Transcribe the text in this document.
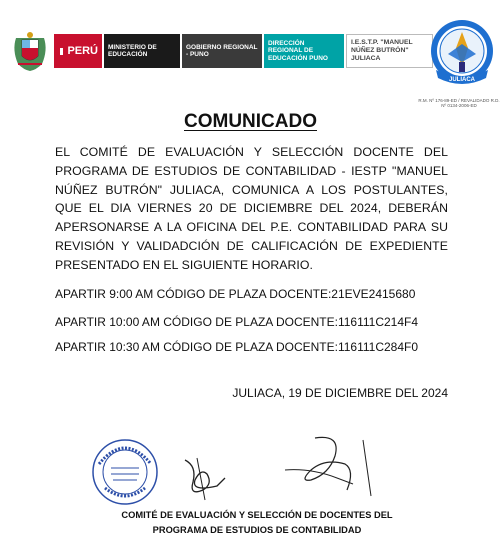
PERÚ MINISTERIO DE EDUCACIÓN
GOBIERNO REGIONAL - PUNO
DIRECCIÓN REGIONAL DE EDUCACIÓN PUNO
I.E.S.T.P. "MANUEL NÚÑEZ BUTRÓN" JULIACA
JULIACA
R.M. Nº 176-89-ED / REVALIDADO R.D. Nº 0134-2006-ED
COMUNICADO
EL COMITÉ DE EVALUACIÓN Y SELECCIÓN DOCENTE DEL PROGRAMA DE ESTUDIOS DE CONTABILIDAD - IESTP "MANUEL NÚÑEZ BUTRÓN" JULIACA, COMUNICA A LOS POSTULANTES, QUE EL DIA VIERNES 20 DE DICIEMBRE DEL 2024, DEBERÁN APERSONARSE A LA OFICINA DEL P.E. CONTABILIDAD PARA SU REVISIÓN Y VALIDADCIÓN DE CALIFICACIÓN DE EXPEDIENTE PRESENTADO EN EL SIGUIENTE HORARIO.
APARTIR 9:00 AM CÓDIGO DE PLAZA DOCENTE:21EVE2415680
APARTIR 10:00 AM CÓDIGO DE PLAZA DOCENTE:116111C214F4
APARTIR 10:30 AM CÓDIGO DE PLAZA DOCENTE:116111C284F0
JULIACA, 19 DE DICIEMBRE DEL 2024
COMITÉ DE EVALUACIÓN Y SELECCIÓN DE DOCENTES DEL
PROGRAMA DE ESTUDIOS DE CONTABILIDAD
